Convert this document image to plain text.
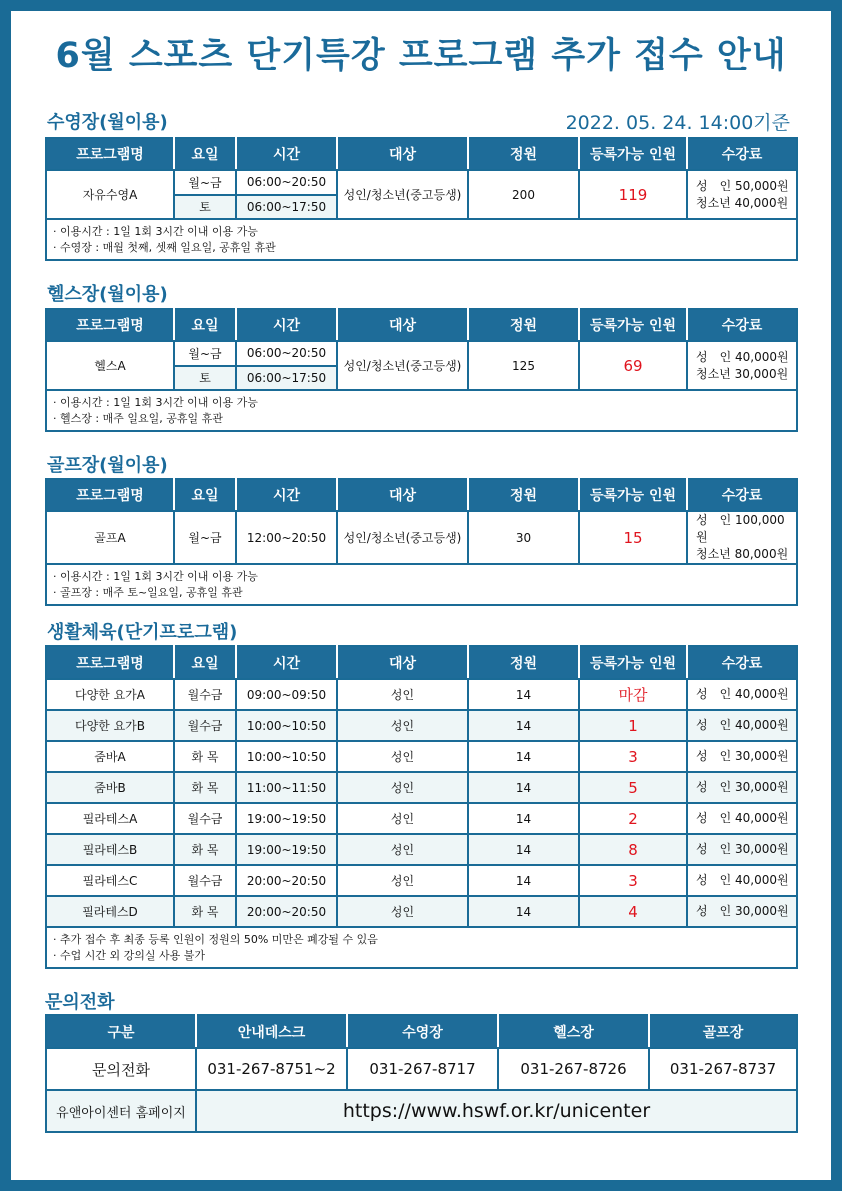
6월 스포츠 단기특강 프로그램 추가 접수 안내
2022. 05. 24. 14:00기준
수영장(월이용)
프로그램명	요일	시간	대상	정원	등록가능 인원	수강료
자유수영A	월~금	06:00~20:50	성인/청소년(중고등생)	200	119	성　인 50,000원
청소년 40,000원

	토	06:00~17:50				

· 이용시간 : 1일 1회 3시간 이내 이용 가능
· 수영장 : 매월 첫째, 셋째 일요일, 공휴일 휴관						
헬스장(월이용)
프로그램명	요일	시간	대상	정원	등록가능 인원	수강료
헬스A	월~금	06:00~20:50	성인/청소년(중고등생)	125	69	성　인 40,000원
청소년 30,000원

	토	06:00~17:50				

· 이용시간 : 1일 1회 3시간 이내 이용 가능
· 헬스장 : 매주 일요일, 공휴일 휴관						
골프장(월이용)
프로그램명	요일	시간	대상	정원	등록가능 인원	수강료
골프A	월~금	12:00~20:50	성인/청소년(중고등생)	30	15	성　인 100,000원
청소년 80,000원

· 이용시간 : 1일 1회 3시간 이내 이용 가능
· 골프장 : 매주 토~일요일, 공휴일 휴관						
생활체육(단기프로그램)
프로그램명	요일	시간	대상	정원	등록가능 인원	수강료
다양한 요가A	월수금	09:00~09:50	성인	14	마감	성　인 40,000원
다양한 요가B	월수금	10:00~10:50	성인	14	1	성　인 40,000원
줌바A	화 목	10:00~10:50	성인	14	3	성　인 30,000원
줌바B	화 목	11:00~11:50	성인	14	5	성　인 30,000원
필라테스A	월수금	19:00~19:50	성인	14	2	성　인 40,000원
필라테스B	화 목	19:00~19:50	성인	14	8	성　인 30,000원
필라테스C	월수금	20:00~20:50	성인	14	3	성　인 40,000원
필라테스D	화 목	20:00~20:50	성인	14	4	성　인 30,000원

· 추가 접수 후 최종 등록 인원이 정원의 50% 미만은 폐강될 수 있음
· 수업 시간 외 강의실 사용 불가						
문의전화
구분	안내데스크	수영장	헬스장	골프장
문의전화	031-267-8751~2	031-267-8717	031-267-8726	031-267-8737
유앤아이센터 홈페이지	https://www.hswf.or.kr/unicenter			
